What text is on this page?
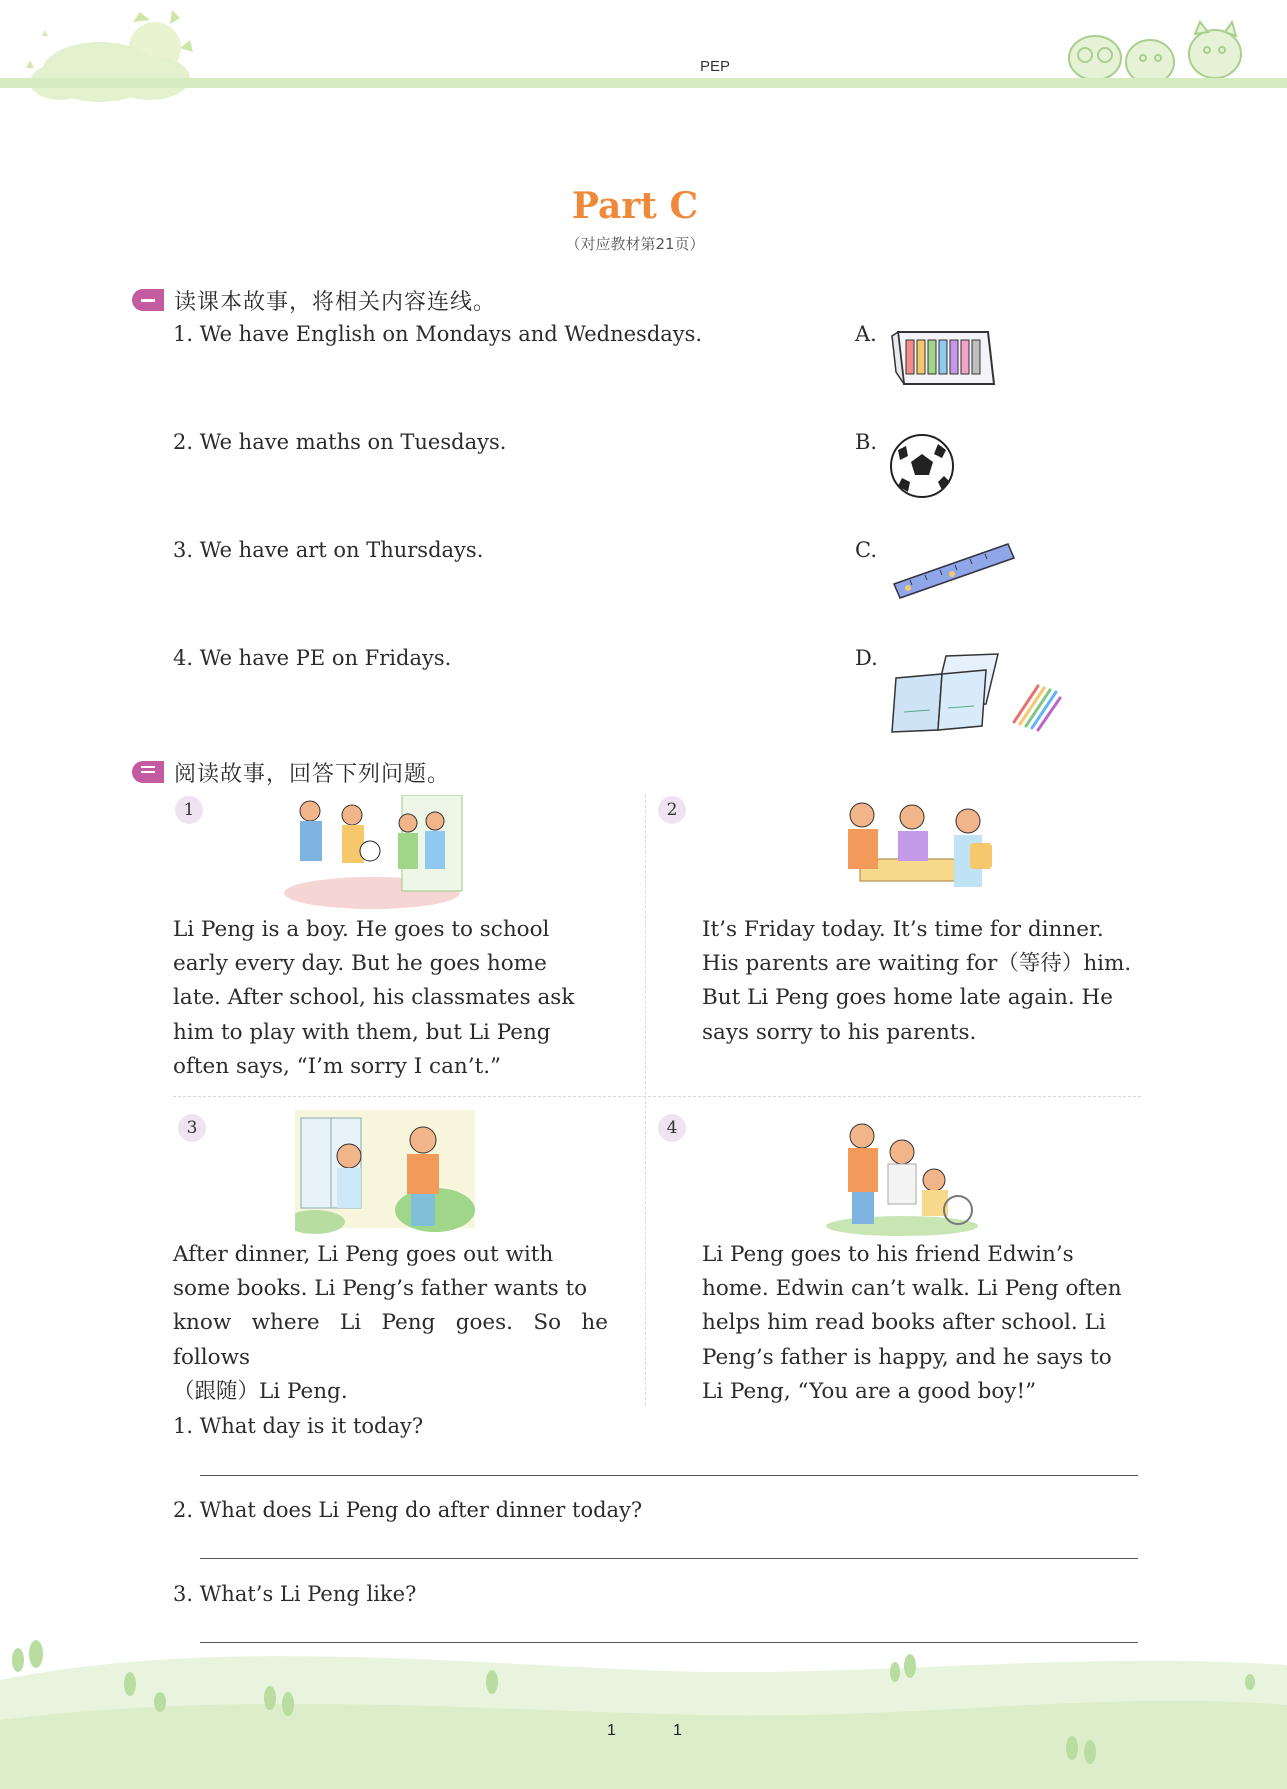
PEP
Part C
（对应教材第21页）
读课本故事，将相关内容连线。
1. We have English on Mondays and Wednesdays.
2. We have maths on Tuesdays.
3. We have art on Thursdays.
4. We have PE on Fridays.
A.
B.
C.
D.
阅读故事，回答下列问题。
1
Li Peng is a boy. He goes to school
early every day. But he goes home
late. After school, his classmates ask
him to play with them, but Li Peng
often says, “I’m sorry I can’t.”
2
It’s Friday today. It’s time for dinner.
His parents are waiting for（等待）him.
But Li Peng goes home late again. He
says sorry to his parents.
3
After dinner, Li Peng goes out with
some books. Li Peng’s father wants to
know where Li Peng goes. So he follows
（跟随）Li Peng.
4
Li Peng goes to his friend Edwin’s
home. Edwin can’t walk. Li Peng often
helps him read books after school. Li
Peng’s father is happy, and he says to
Li Peng, “You are a good boy!”
1. What day is it today?
2. What does Li Peng do after dinner today?
3. What’s Li Peng like?
1	1
